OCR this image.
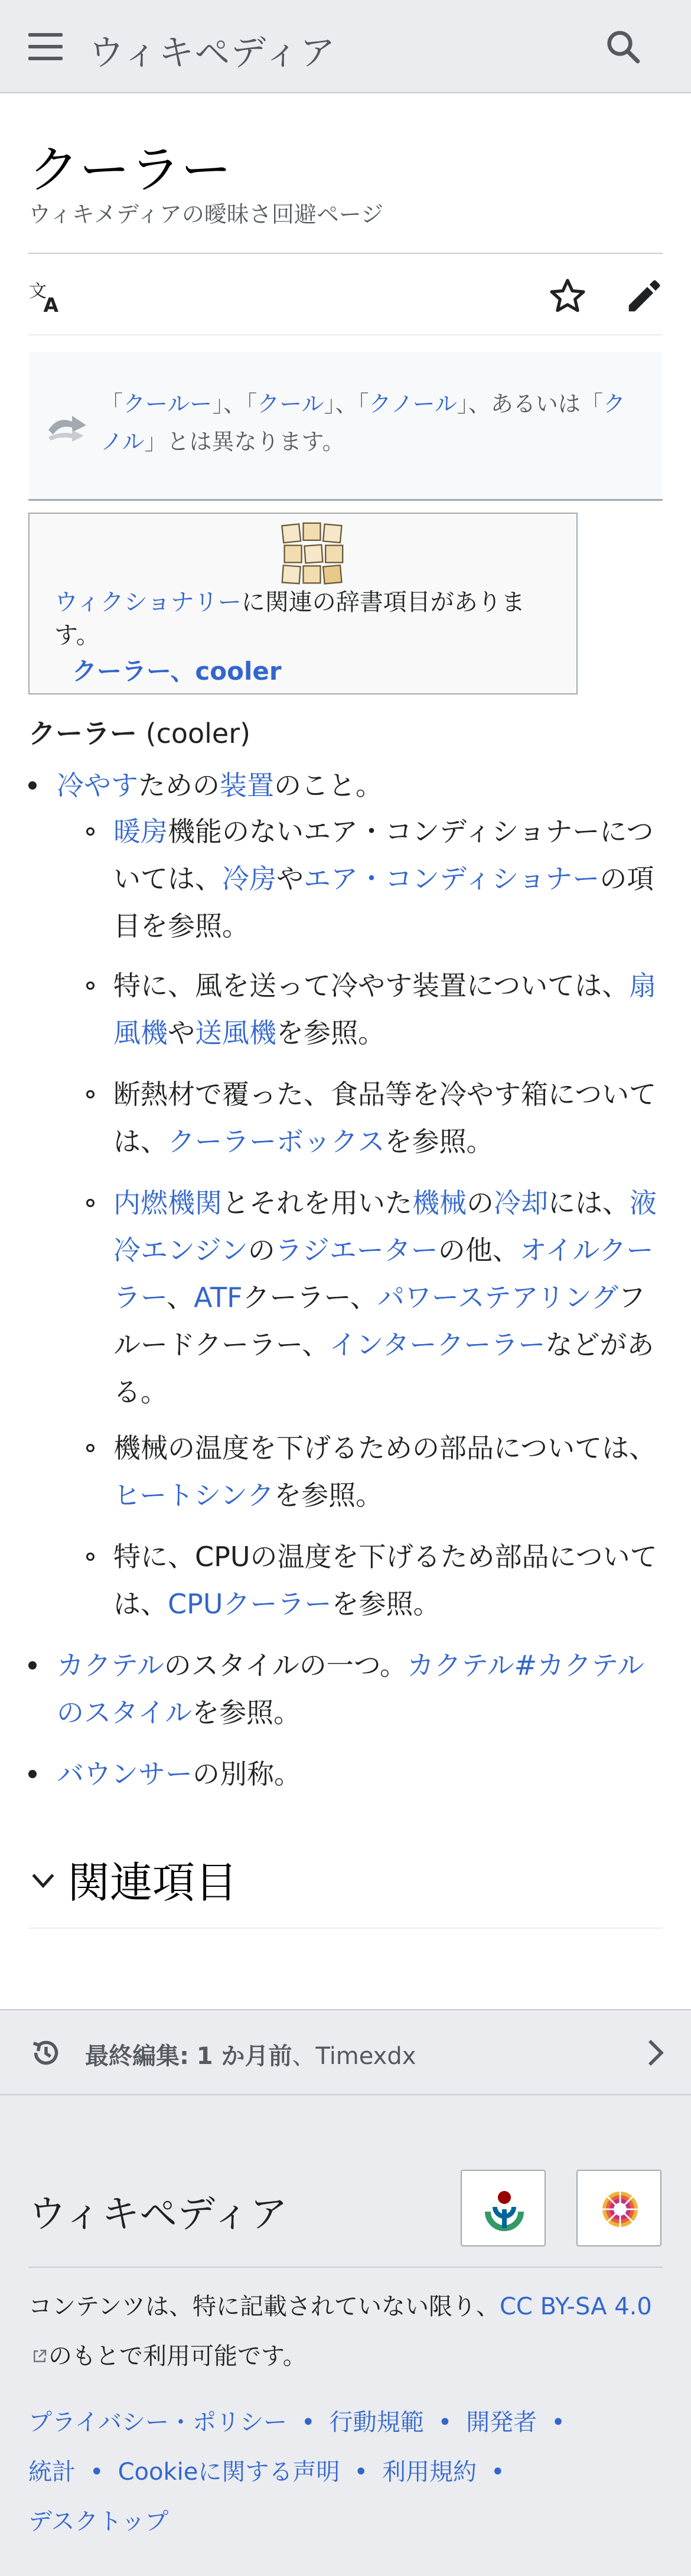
ウィキペディア
クーラー
ウィキメディアの曖昧さ回避ページ
文
A
「クールー」、「クール」、「クノール」、あるいは「クノル」とは異なります。
ウィクショナリーに関連の辞書項目がありま す。
クーラー、cooler
クーラー (cooler)
冷やすための装置のこと。
暖房機能のないエア・コンディショナーについては、冷房やエア・コンディショナーの項目を参照。
特に、風を送って冷やす装置については、扇風機や送風機を参照。
断熱材で覆った、食品等を冷やす箱については、クーラーボックスを参照。
内燃機関とそれを用いた機械の冷却には、液冷エンジンのラジエーターの他、オイルクーラー、ATFクーラー、パワーステアリングフルードクーラー、インタークーラーなどがある。
機械の温度を下げるための部品については、ヒートシンクを参照。
特に、CPUの温度を下げるため部品については、CPUクーラーを参照。
カクテルのスタイルの一つ。カクテル#カクテルのスタイルを参照。
バウンサーの別称。
関連項目
最終編集: 1 か月前、Timexdx
ウィキペディア
コンテンツは、特に記載されていない限り、CC BY-SA 4.0のもとで利用可能です。
プライバシー・ポリシー • 行動規範 • 開発者 •
統計 • Cookieに関する声明 • 利用規約 •
デスクトップ
